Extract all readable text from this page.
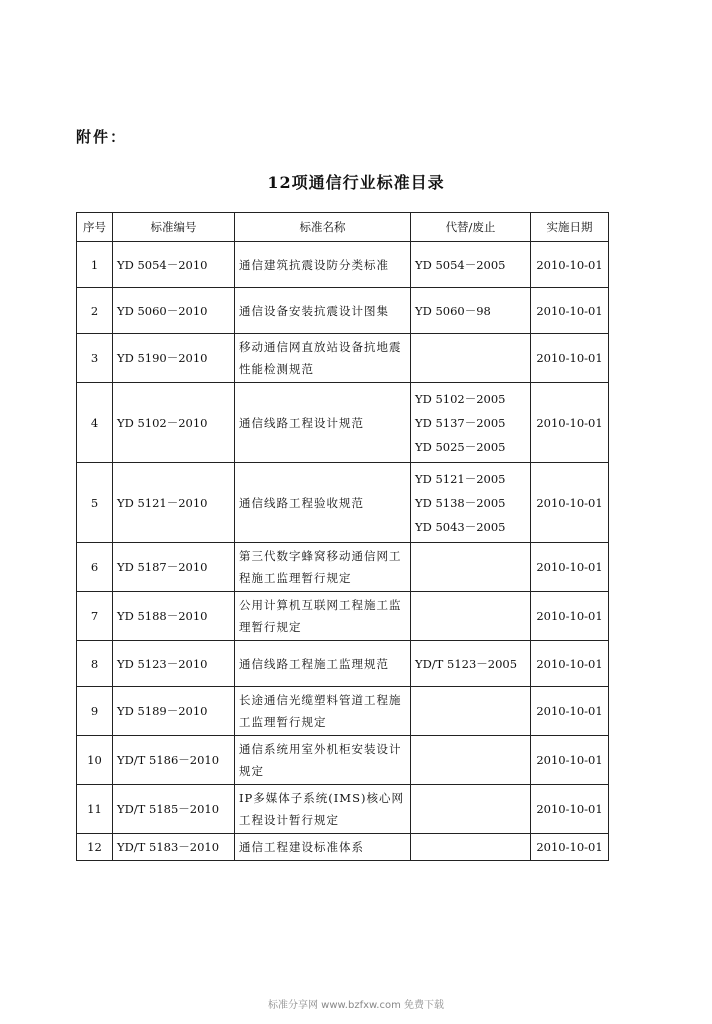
附件：
12项通信行业标准目录
序号	标准编号	标准名称	代替/废止	实施日期
1	YD 5054－2010	通信建筑抗震设防分类标准	YD 5054－2005	2010-10-01
2	YD 5060－2010	通信设备安装抗震设计图集	YD 5060－98	2010-10-01
3	YD 5190－2010	移动通信网直放站设备抗地震性能检测规范		2010-10-01
4	YD 5102－2010	通信线路工程设计规范	YD 5102－2005
YD 5137－2005
YD 5025－2005	2010-10-01
5	YD 5121－2010	通信线路工程验收规范	YD 5121－2005
YD 5138－2005
YD 5043－2005	2010-10-01
6	YD 5187－2010	第三代数字蜂窝移动通信网工程施工监理暂行规定		2010-10-01
7	YD 5188－2010	公用计算机互联网工程施工监理暂行规定		2010-10-01
8	YD 5123－2010	通信线路工程施工监理规范	YD/T 5123－2005	2010-10-01
9	YD 5189－2010	长途通信光缆塑料管道工程施工监理暂行规定		2010-10-01
10	YD/T 5186－2010	通信系统用室外机柜安装设计规定		2010-10-01
11	YD/T 5185－2010	IP多媒体子系统(IMS)核心网工程设计暂行规定		2010-10-01
12	YD/T 5183－2010	通信工程建设标准体系		2010-10-01
标准分享网 www.bzfxw.com 免费下载
